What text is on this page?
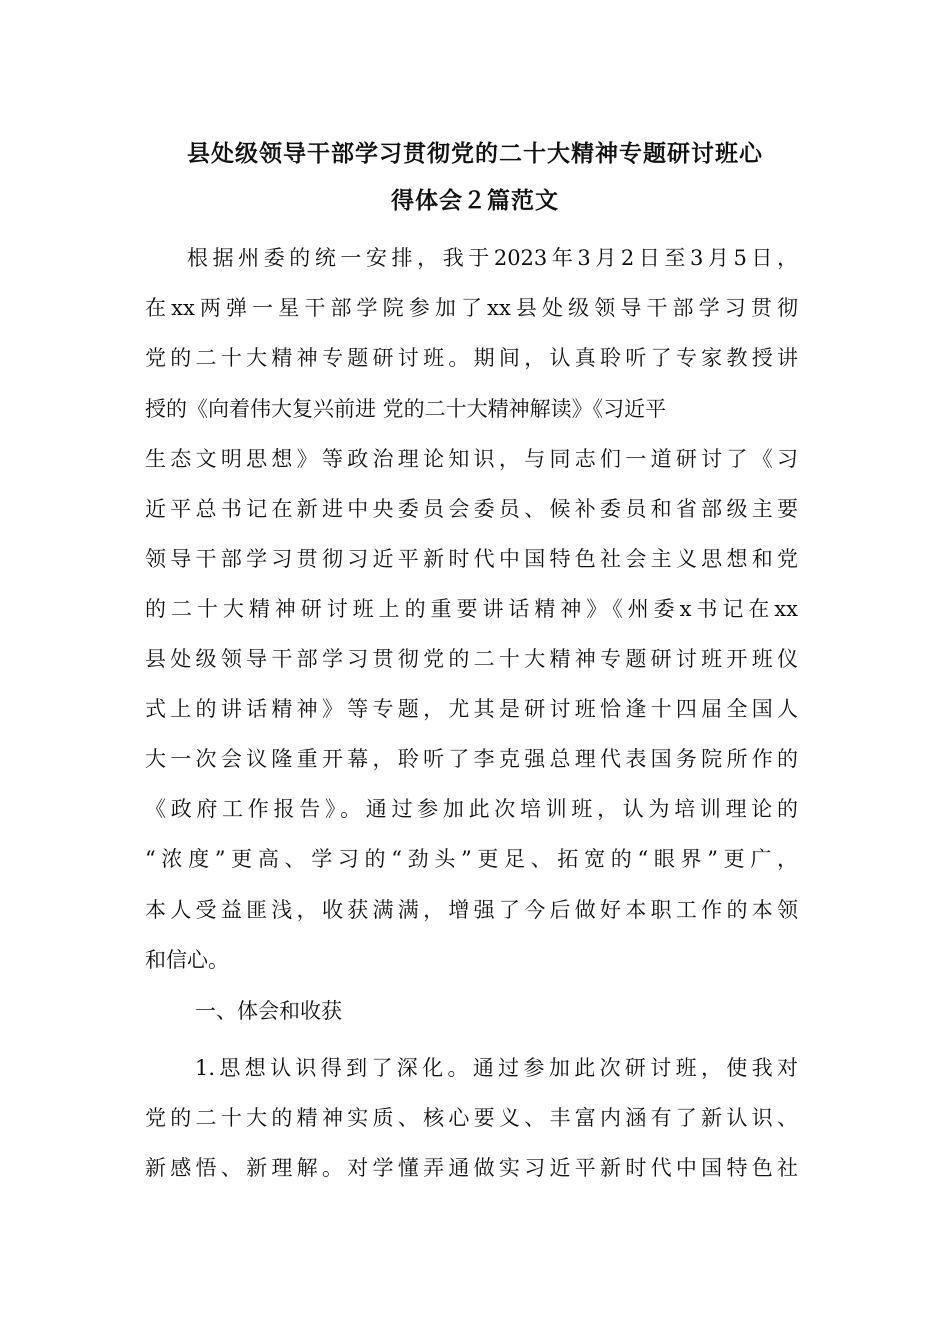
县处级领导干部学习贯彻党的二十大精神专题研讨班心
得体会２篇范文
根据州委的统一安排，我于2023年3月2日至3月5日，
在xx两弹一星干部学院参加了xx县处级领导干部学习贯彻
党的二十大精神专题研讨班。期间，认真聆听了专家教授讲
授的《向着伟大复兴前进 党的二十大精神解读》《习近平
生态文明思想》等政治理论知识，与同志们一道研讨了《习
近平总书记在新进中央委员会委员、候补委员和省部级主要
领导干部学习贯彻习近平新时代中国特色社会主义思想和党
的二十大精神研讨班上的重要讲话精神》《州委x书记在xx
县处级领导干部学习贯彻党的二十大精神专题研讨班开班仪
式上的讲话精神》等专题，尤其是研讨班恰逢十四届全国人
大一次会议隆重开幕，聆听了李克强总理代表国务院所作的
《政府工作报告》。通过参加此次培训班，认为培训理论的
“浓度”更高、学习的“劲头”更足、拓宽的“眼界”更广，
本人受益匪浅，收获满满，增强了今后做好本职工作的本领
和信心。
一、体会和收获
1.思想认识得到了深化。通过参加此次研讨班，使我对
党的二十大的精神实质、核心要义、丰富内涵有了新认识、
新感悟、新理解。对学懂弄通做实习近平新时代中国特色社
